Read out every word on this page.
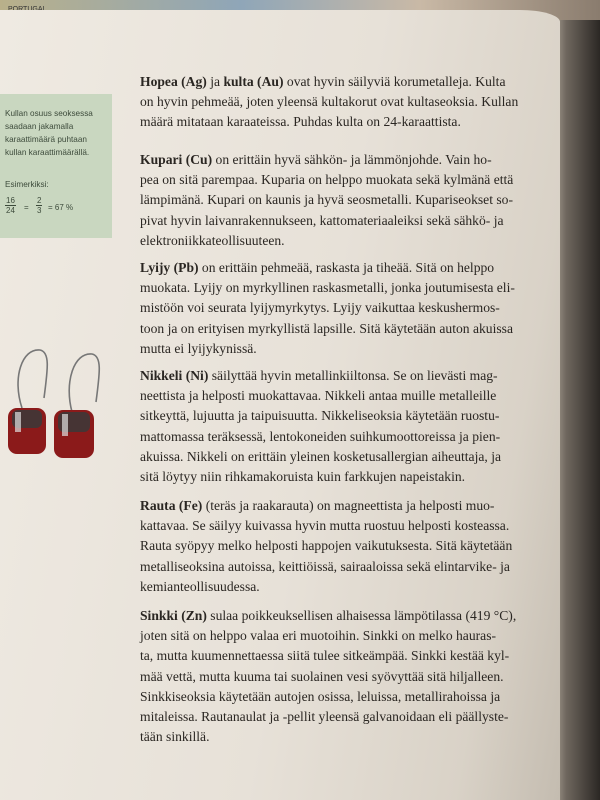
Kullan osuus seoksessa
saadaan jakamalla
karaattimäärä puhtaan
kullan karaattimäärällä.
Esimerkiksi:
$\frac{16}{24} = \frac{2}{3} = 67$ %
Hopea (Ag) ja kulta (Au) ovat hyvin säilyviä korumetalleja. Kulta
on hyvin pehmeää, joten yleensä kultakorut ovat kultaseoksia. Kullan
määrä mitataan karaateissa. Puhdas kulta on 24-karaattista.
Kupari (Cu) on erittäin hyvä sähkön- ja lämmönjohde. Vain ho-
pea on sitä parempaa. Kuparia on helppo muokata sekä kylmänä että
lämpimänä. Kupari on kaunis ja hyvä seosmetalli. Kupariseokset so-
pivat hyvin laivanrakennukseen, kattomateriaaleiksi sekä sähkö- ja
elektroniikkateollisuuteen.
Lyijy (Pb) on erittäin pehmeää, raskasta ja tiheää. Sitä on helppo
muokata. Lyijy on myrkyllinen raskasmetalli, jonka joutumisesta eli-
mistöön voi seurata lyijymyrkytys. Lyijy vaikuttaa keskushermos-
toon ja on erityisen myrkyllistä lapsille. Sitä käytetään auton akuissa
mutta ei lyijykynissä.
Nikkeli (Ni) säilyttää hyvin metallinkiiltonsa. Se on lievästi mag-
neettista ja helposti muokattavaa. Nikkeli antaa muille metalleille
sitkeyttä, lujuutta ja taipuisuutta. Nikkeliseoksia käytetään ruostu-
mattomassa teräksessä, lentokoneiden suihkumoottoreissa ja pien-
akuissa. Nikkeli on erittäin yleinen kosketusallergian aiheuttaja, ja
sitä löytyy niin rihkamakoruista kuin farkkujen napeistakin.
Rauta (Fe) (teräs ja raakarauta) on magneettista ja helposti muo-
kattavaa. Se säilyy kuivassa hyvin mutta ruostuu helposti kosteassa.
Rauta syöpyy melko helposti happojen vaikutuksesta. Sitä käytetään
metalliseoksina autoissa, keittiöissä, sairaaloissa sekä elintarvike- ja
kemianteollisuudessa.
Sinkki (Zn) sulaa poikkeuksellisen alhaisessa lämpötilassa (419 °C),
joten sitä on helppo valaa eri muotoihin. Sinkki on melko hauras-
ta, mutta kuumennettaessa siitä tulee sitkeämpää. Sinkki kestää kyl-
mää vettä, mutta kuuma tai suolainen vesi syövyttää sitä hiljalleen.
Sinkkiseoksia käytetään autojen osissa, leluissa, metallirahoissa ja
mitaleissa. Rautanaulat ja -pellit yleensä galvanoidaan eli päällyste-
tään sinkillä.
